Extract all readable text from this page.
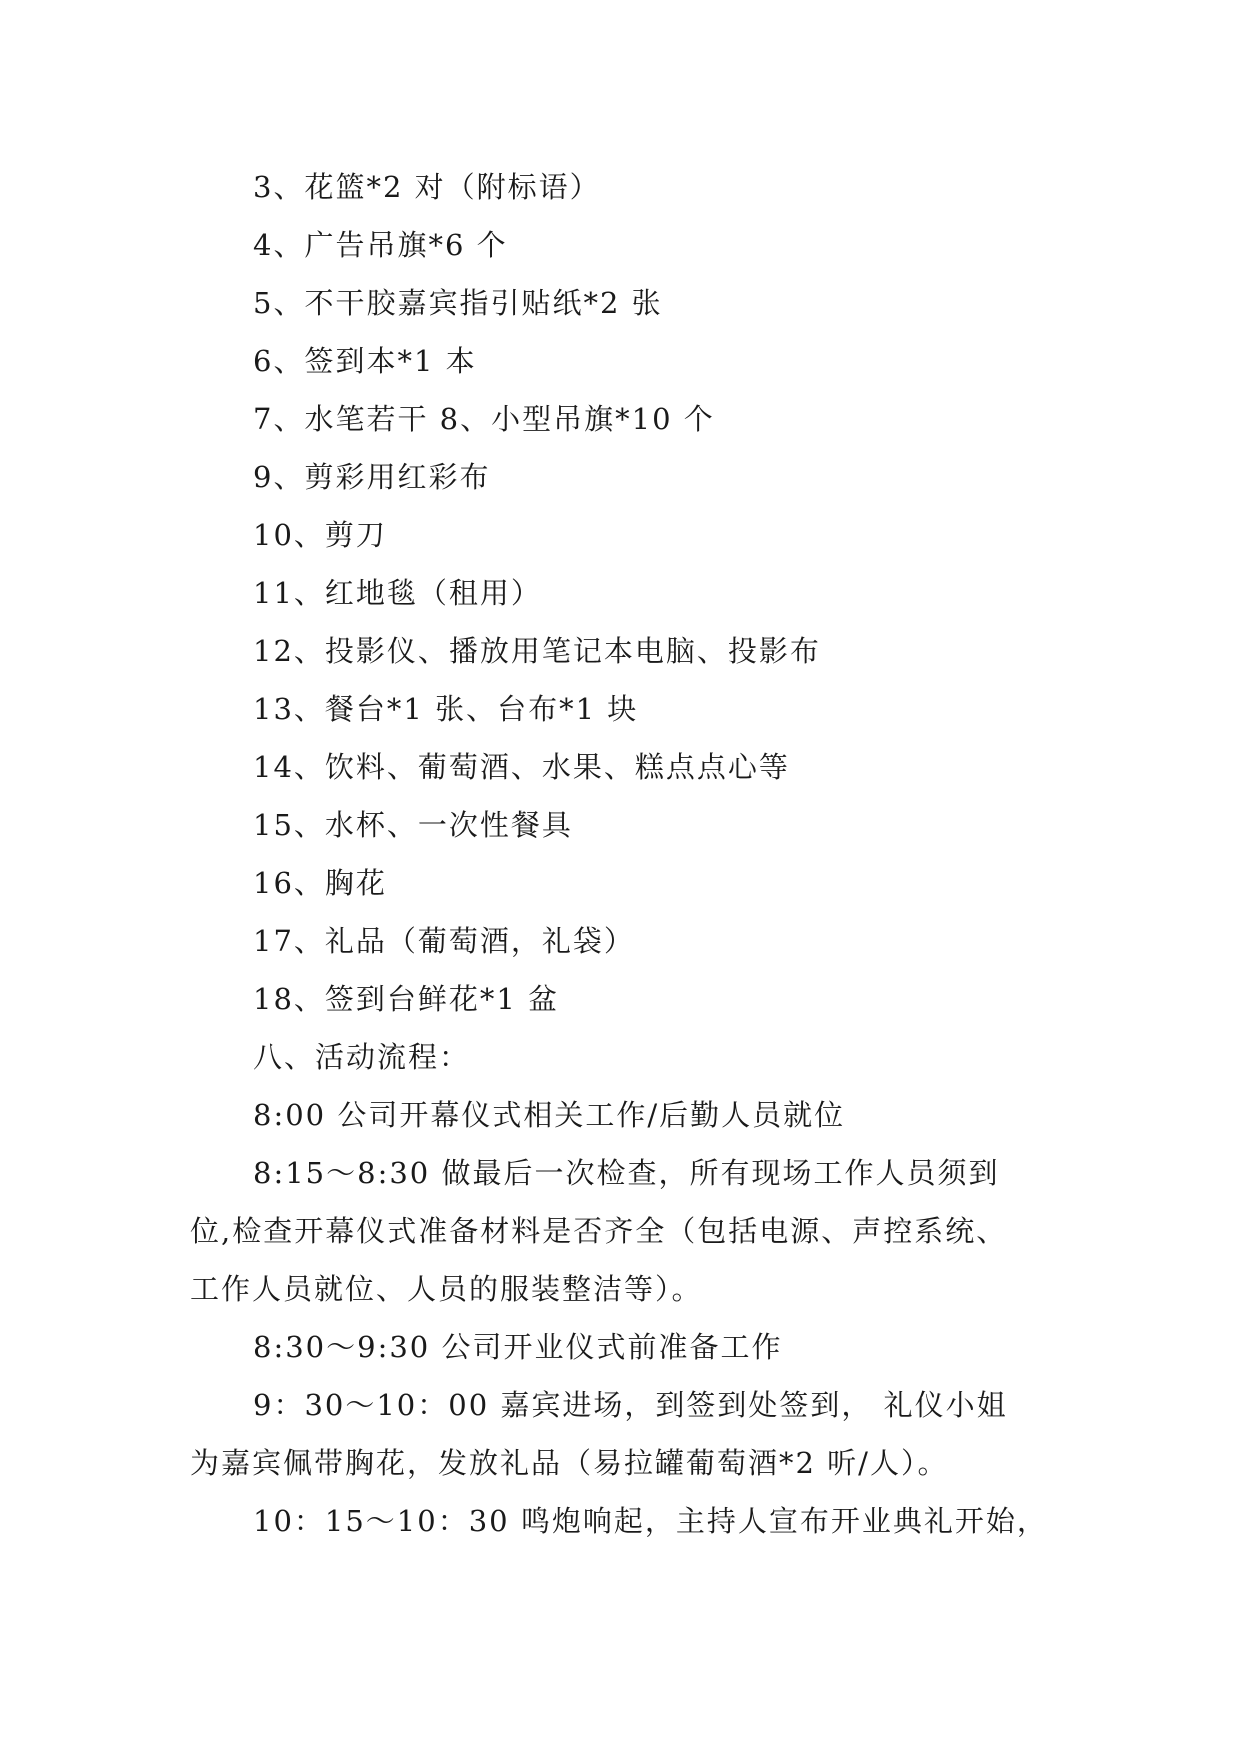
3、花篮*2 对（附标语）

4、广告吊旗*6 个

5、不干胶嘉宾指引贴纸*2 张

6、签到本*1 本

7、水笔若干 8、小型吊旗*10 个

9、剪彩用红彩布

10、剪刀

11、红地毯（租用）

12、投影仪、播放用笔记本电脑、投影布

13、餐台*1 张、台布*1 块

14、饮料、葡萄酒、水果、糕点点心等

15、水杯、一次性餐具

16、胸花

17、礼品（葡萄酒，礼袋）

18、签到台鲜花*1 盆

八、活动流程：

8:00 公司开幕仪式相关工作/后勤人员就位

8:15～8:30 做最后一次检查，所有现场工作人员须到
位,检查开幕仪式准备材料是否齐全（包括电源、声控系统、
工作人员就位、人员的服装整洁等）。

8:30～9:30 公司开业仪式前准备工作

9：30～10：00 嘉宾进场，到签到处签到， 礼仪小姐
为嘉宾佩带胸花，发放礼品（易拉罐葡萄酒*2 听/人）。

10：15～10：30 鸣炮响起，主持人宣布开业典礼开始，
